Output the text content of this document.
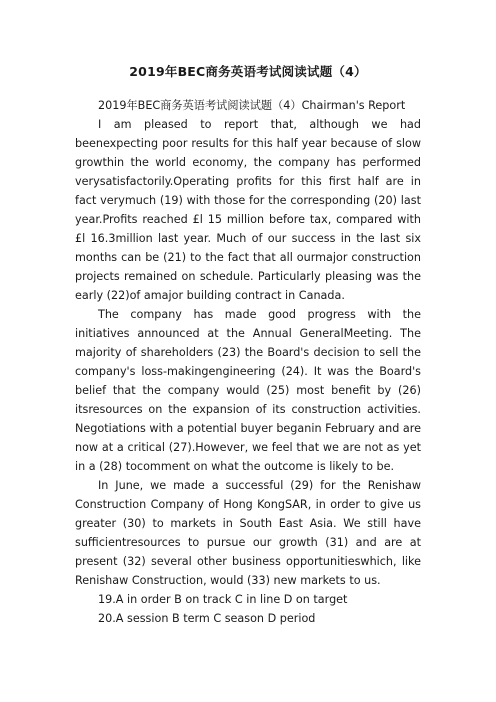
2019年BEC商务英语考试阅读试题（4）

2019年BEC商务英语考试阅读试题（4）Chairman's Report

I am pleased to report that, although we had beenexpecting poor results for this half year because of slow growthin the world economy, the company has performed verysatisfactorily.Operating profits for this first half are in fact verymuch (19) with those for the corresponding (20) last year.Profits reached £l 15 million before tax, compared with £l 16.3million last year. Much of our success in the last six months can be (21) to the fact that all ourmajor construction projects remained on schedule. Particularly pleasing was the early (22)of amajor building contract in Canada.

The company has made good progress with the initiatives announced at the Annual GeneralMeeting. The majority of shareholders (23) the Board's decision to sell the company's loss-makingengineering (24). It was the Board's belief that the company would (25) most benefit by (26) itsresources on the expansion of its construction activities. Negotiations with a potential buyer beganin February and are now at a critical (27).However, we feel that we are not as yet in a (28) tocomment on what the outcome is likely to be.

In June, we made a successful (29) for the Renishaw Construction Company of Hong KongSAR, in order to give us greater (30) to markets in South East Asia. We still have sufficientresources to pursue our growth (31) and are at present (32) several other business opportunitieswhich, like Renishaw Construction, would (33) new markets to us.

19.A in order B on track C in line D on target

20.A session B term C season D period
